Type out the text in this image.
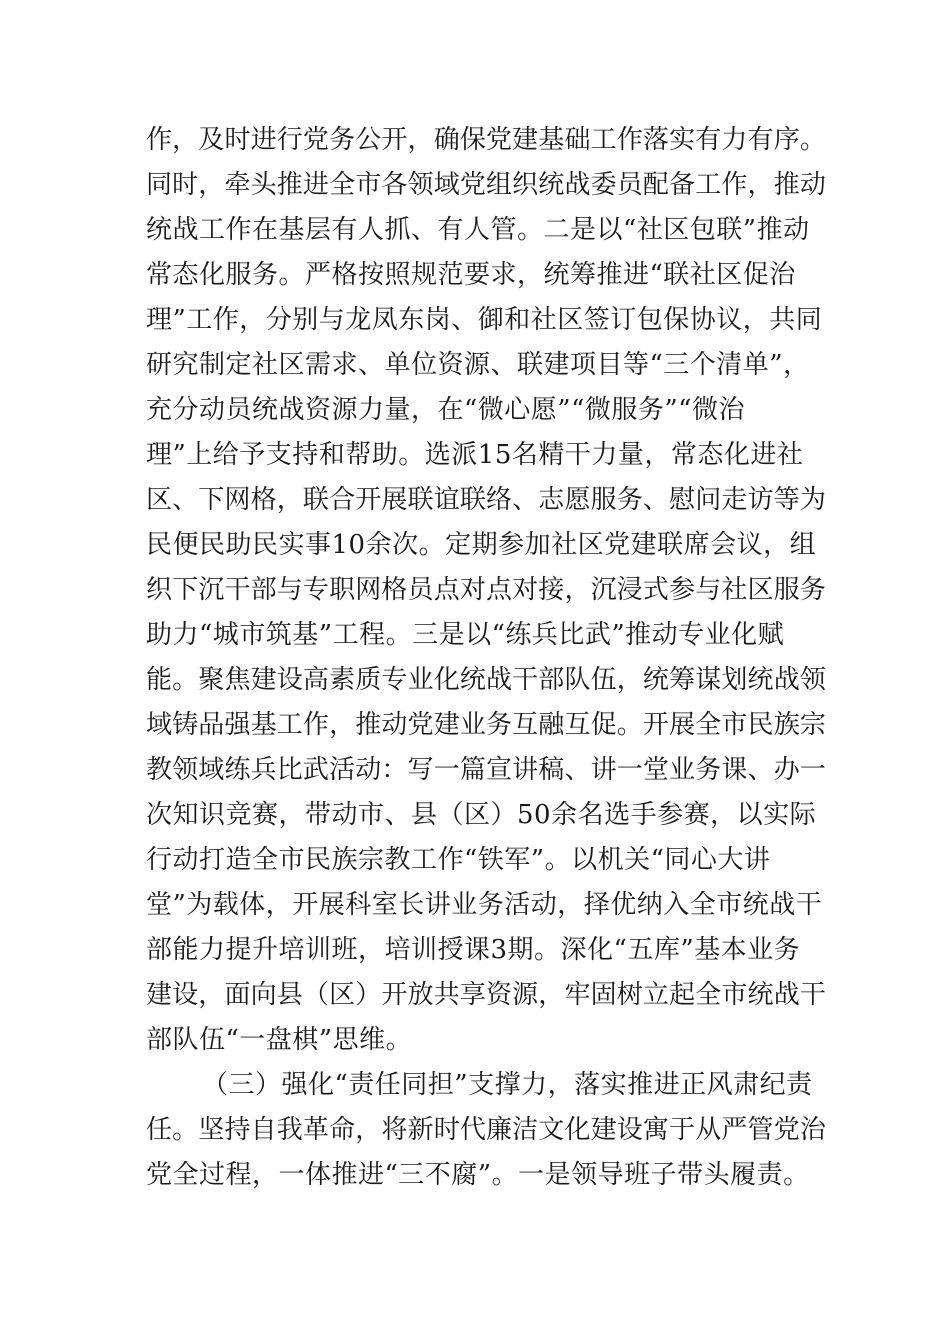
作，及时进行党务公开，确保党建基础工作落实有力有序。
同时，牵头推进全市各领域党组织统战委员配备工作，推动
统战工作在基层有人抓、有人管。二是以“社区包联”推动
常态化服务。严格按照规范要求，统筹推进“联社区促治
理”工作，分别与龙凤东岗、御和社区签订包保协议，共同
研究制定社区需求、单位资源、联建项目等“三个清单”，
充分动员统战资源力量，在“微心愿”“微服务”“微治
理”上给予支持和帮助。选派15名精干力量，常态化进社
区、下网格，联合开展联谊联络、志愿服务、慰问走访等为
民便民助民实事10余次。定期参加社区党建联席会议，组
织下沉干部与专职网格员点对点对接，沉浸式参与社区服务
助力“城市筑基”工程。三是以“练兵比武”推动专业化赋
能。聚焦建设高素质专业化统战干部队伍，统筹谋划统战领
域铸品强基工作，推动党建业务互融互促。开展全市民族宗
教领域练兵比武活动：写一篇宣讲稿、讲一堂业务课、办一
次知识竞赛，带动市、县（区）50余名选手参赛，以实际
行动打造全市民族宗教工作“铁军”。以机关“同心大讲
堂”为载体，开展科室长讲业务活动，择优纳入全市统战干
部能力提升培训班，培训授课3期。深化“五库”基本业务
建设，面向县（区）开放共享资源，牢固树立起全市统战干
部队伍“一盘棋”思维。
（三）强化“责任同担”支撑力，落实推进正风肃纪责
任。坚持自我革命，将新时代廉洁文化建设寓于从严管党治
党全过程，一体推进“三不腐”。一是领导班子带头履责。
